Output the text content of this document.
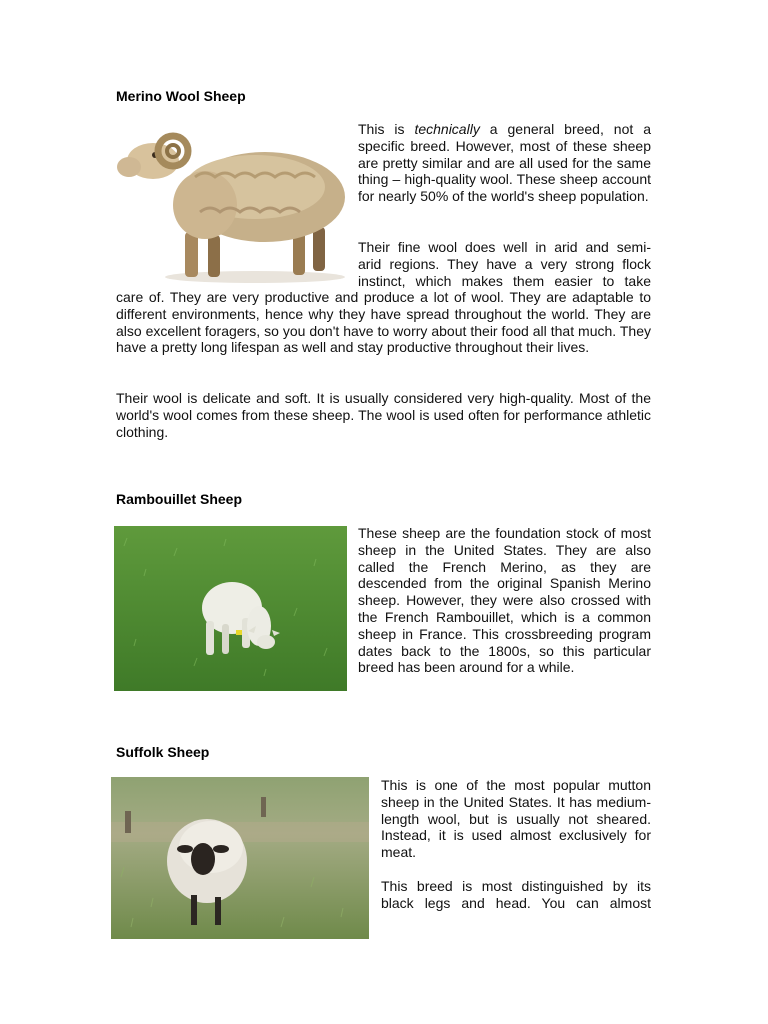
Merino Wool Sheep

This is technically a general breed, not a specific breed. However, most of these sheep are pretty similar and are all used for the same thing – high-quality wool. These sheep account for nearly 50% of the world's sheep population.

Their fine wool does well in arid and semi-
arid regions. They have a very strong flock
instinct, which makes them easier to take

care of. They are very productive and produce a lot of wool. They are adaptable to different environments, hence why they have spread throughout the world. They are also excellent foragers, so you don't have to worry about their food all that much. They have a pretty long lifespan as well and stay productive throughout their lives.

Their wool is delicate and soft. It is usually considered very high-quality. Most of the world's wool comes from these sheep. The wool is used often for performance athletic clothing.

Rambouillet Sheep

These sheep are the foundation stock of most sheep in the United States. They are also called the French Merino, as they are descended from the original Spanish Merino sheep. However, they were also crossed with the French Rambouillet, which is a common sheep in France. This crossbreeding program dates back to the 1800s, so this particular breed has been around for a while.

Suffolk Sheep

This is one of the most popular mutton sheep in the United States. It has medium-length wool, but is usually not sheared. Instead, it is used almost exclusively for meat.

This breed is most distinguished by its black legs and head. You can almost
